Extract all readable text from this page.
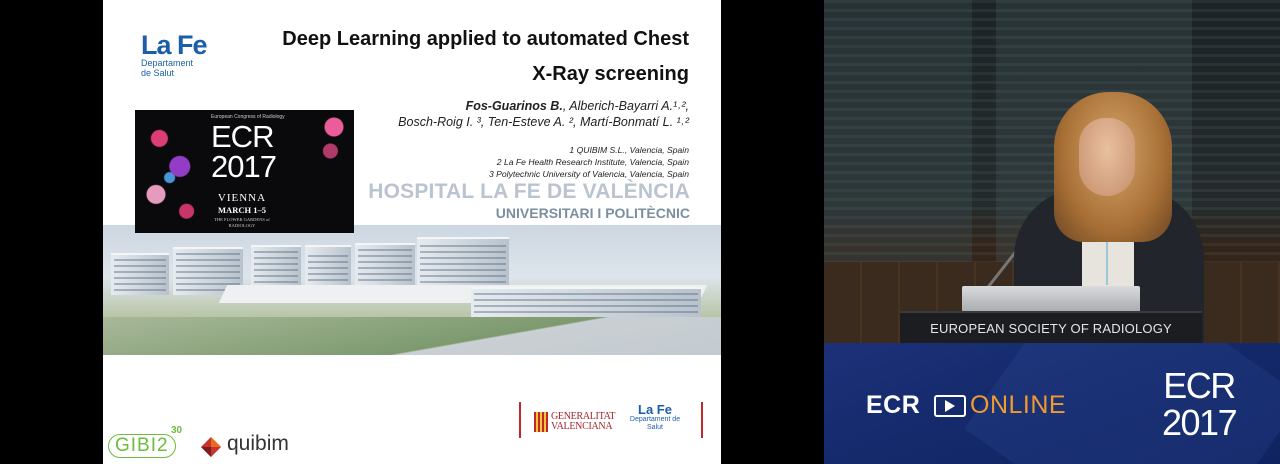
La Fe
Departament
de Salut
Deep Learning applied to automated Chest
X-Ray screening
Fos-Guarinos B., Alberich-Bayarri A.¹˒²,
Bosch-Roig I. ³, Ten-Esteve A. ², Martí-Bonmatí L. ¹˒²
1 QUIBIM S.L., Valencia, Spain
2 La Fe Health Research Institute, Valencia, Spain
3 Polytechnic University of Valencia, Valencia, Spain
HOSPITAL LA FE DE VALÈNCIA
UNIVERSITARI I POLITÈCNIC
European Congress of Radiology
ECR
2017
VIENNA
MARCH 1–5
THE FLOWER GARDENS of RADIOLOGY
GIBI2
30
quibim
GENERALITAT
VALENCIANA
La Fe
Departament de Salut
EUROPEAN SOCIETY OF RADIOLOGY
ECR ONLINE	ECR
2017
